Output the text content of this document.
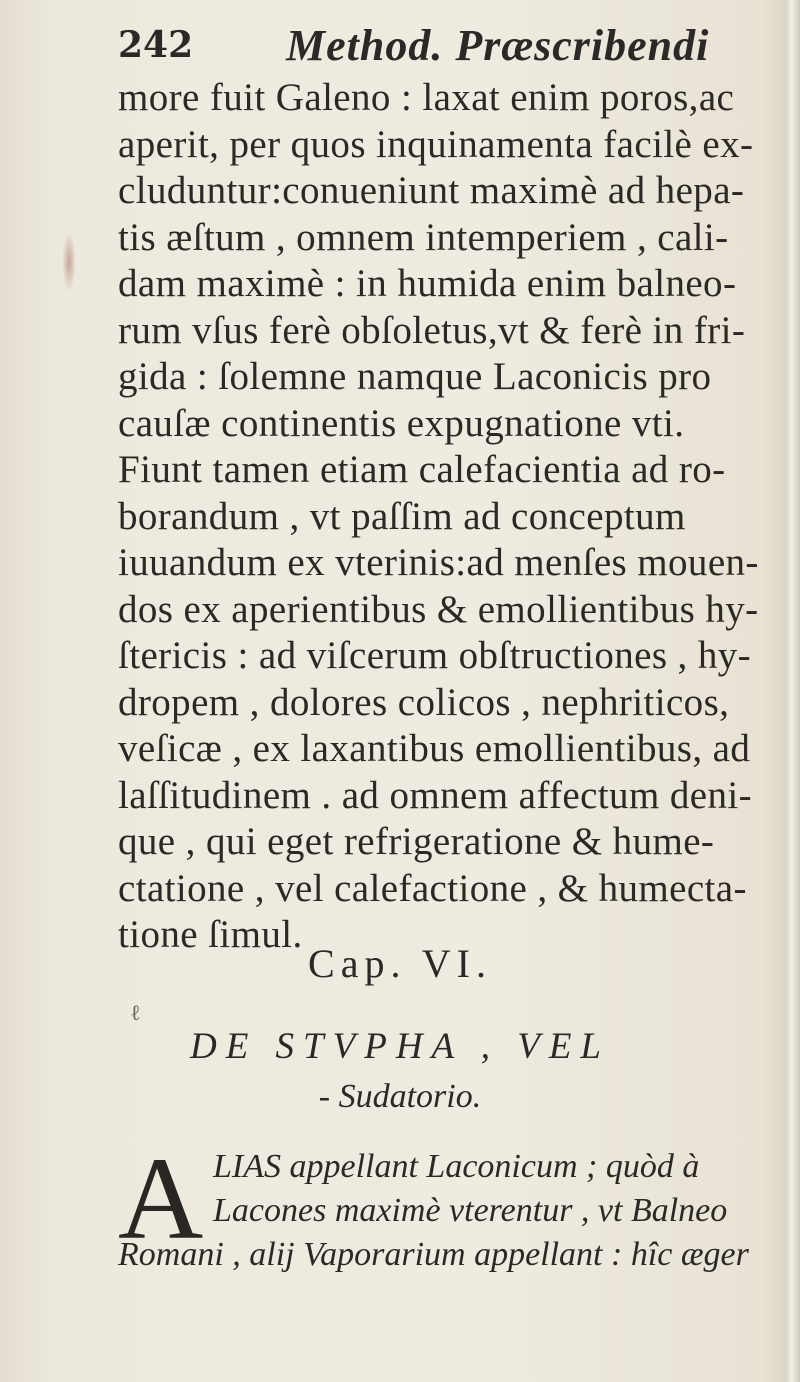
242 Method. Præscribendi
more fuit Galeno : laxat enim poros,ac
aperit, per quos inquinamenta facilè ex-
cluduntur:conueniunt maximè ad hepa-
tis æſtum , omnem intemperiem , cali-
dam maximè : in humida enim balneo-
rum vſus ferè obſoletus,vt & ferè in fri-
gida : ſolemne namque Laconicis pro
cauſæ continentis expugnatione vti.
Fiunt tamen etiam calefacientia ad ro-
borandum , vt paſſim ad conceptum
iuuandum ex vterinis:ad menſes mouen-
dos ex aperientibus & emollientibus hy-
ſtericis : ad viſcerum obſtructiones , hy-
dropem , dolores colicos , nephriticos,
veſicæ , ex laxantibus emollientibus, ad
laſſitudinem . ad omnem affectum deni-
que , qui eget refrigeratione & hume-
ctatione , vel calefactione , & humecta-
tione ſimul.
Cap. VI.
ℓ
DE STVPHA , VEL
- Sudatorio.
A LIAS appellant Laconicum ; quòd à
Lacones maximè vterentur , vt Balneo
Romani , alij Vaporarium appellant : hîc æger
